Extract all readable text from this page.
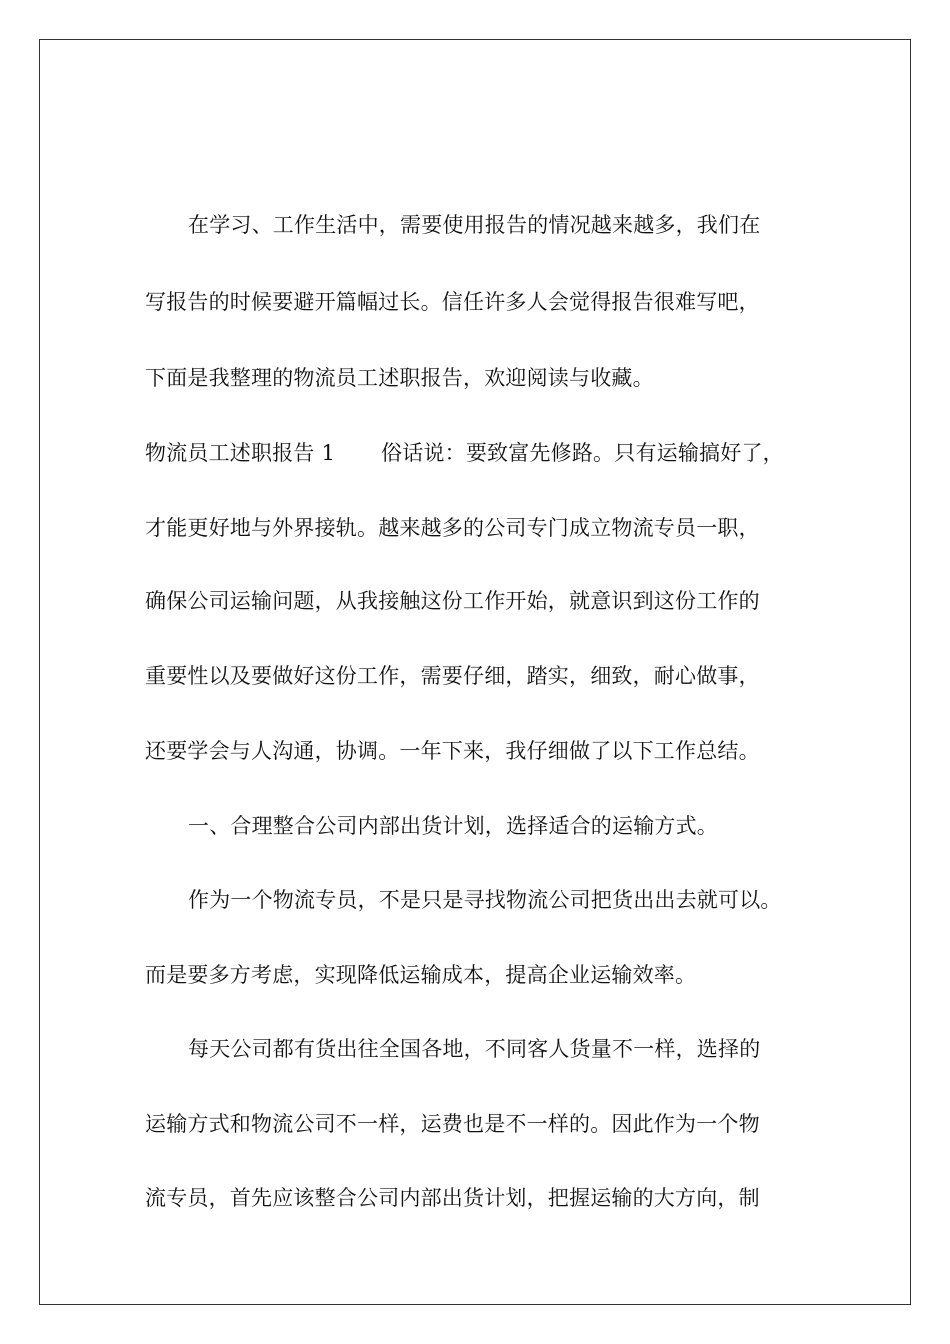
在学习、工作生活中，需要使用报告的情况越来越多，我们在
写报告的时候要避开篇幅过长。信任许多人会觉得报告很难写吧，
下面是我整理的物流员工述职报告，欢迎阅读与收藏。
物流员工述职报告 1 俗话说：要致富先修路。只有运输搞好了，
才能更好地与外界接轨。越来越多的公司专门成立物流专员一职，
确保公司运输问题，从我接触这份工作开始，就意识到这份工作的
重要性以及要做好这份工作，需要仔细，踏实，细致，耐心做事，
还要学会与人沟通，协调。一年下来，我仔细做了以下工作总结。
一、合理整合公司内部出货计划，选择适合的运输方式。
作为一个物流专员，不是只是寻找物流公司把货出出去就可以。
而是要多方考虑，实现降低运输成本，提高企业运输效率。
每天公司都有货出往全国各地，不同客人货量不一样，选择的
运输方式和物流公司不一样，运费也是不一样的。因此作为一个物
流专员，首先应该整合公司内部出货计划，把握运输的大方向，制
